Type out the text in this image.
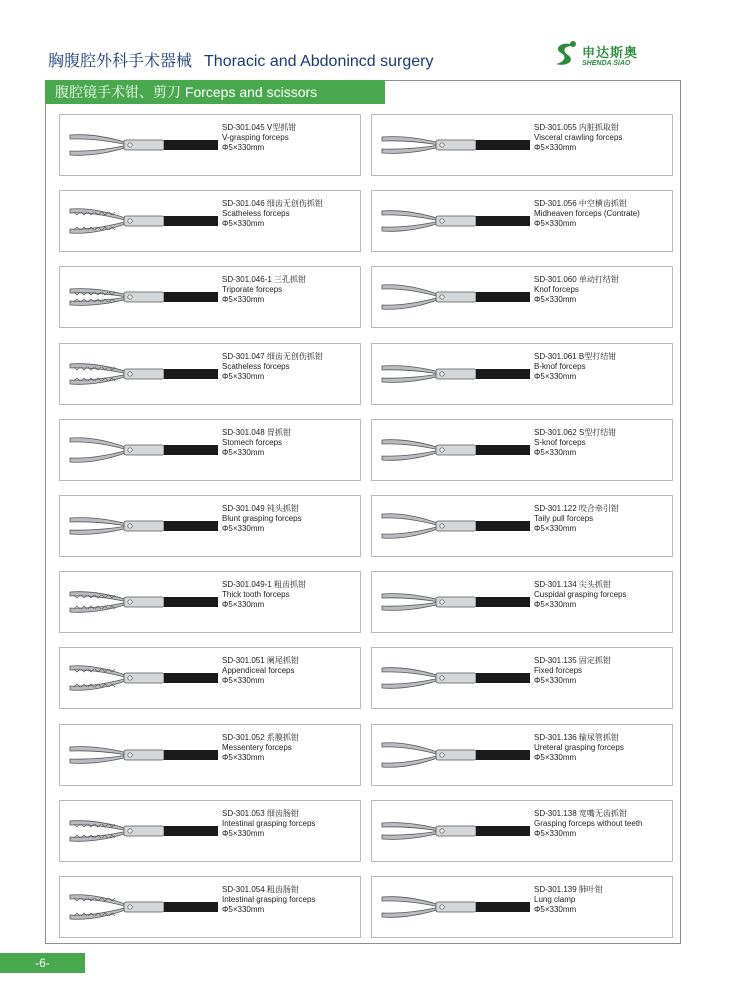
胸腹腔外科手术器械 Thoracic and Abdonincd surgery
申达斯奥
SHENDA SIAO
腹腔镜手术钳、剪刀 Forceps and scissors
SD-301.045 V型抓钳
V-grasping forceps
Φ5×330mm
SD-301.055 内脏抓取钳
Visceral crawling forceps
Φ5×330mm
SD-301.046 细齿无创伤抓钳
Scatheless forceps
Φ5×330mm
SD-301.056 中空横齿抓钳
Midheaven forceps (Contrate)
Φ5×330mm
SD-301.046-1 三孔抓钳
Triporate forceps
Φ5×330mm
SD-301.060 单动打结钳
Knof forceps
Φ5×330mm
SD-301.047 细齿无创伤抓钳
Scatheless forceps
Φ5×330mm
SD-301.061 B型打结钳
B-knof forceps
Φ5×330mm
SD-301.048 胃抓钳
Stomech forceps
Φ5×330mm
SD-301.062 S型打结钳
S-knof forceps
Φ5×330mm
SD-301.049 钝头抓钳
Blunt grasping forceps
Φ5×330mm
SD-301.122 咬合牵引钳
Taily pull forceps
Φ5×330mm
SD-301.049-1 粗齿抓钳
Thick tooth forceps
Φ5×330mm
SD-301.134 尖头抓钳
Cuspidal grasping forceps
Φ5×330mm
SD-301.051 阑尾抓钳
Appendiceal forceps
Φ5×330mm
SD-301.135 固定抓钳
Fixed forceps
Φ5×330mm
SD-301.052 系膜抓钳
Messentery forceps
Φ5×330mm
SD-301.136 输尿管抓钳
Ureteral grasping forceps
Φ5×330mm
SD-301.053 细齿肠钳
Intestinal grasping forceps
Φ5×330mm
SD-301.138 宽嘴无齿抓钳
Grasping forceps without teeth
Φ5×330mm
SD-301.054 粗齿肠钳
Intestinal grasping forceps
Φ5×330mm
SD-301.139 肺叶钳
Lung clamp
Φ5×330mm
-6-
